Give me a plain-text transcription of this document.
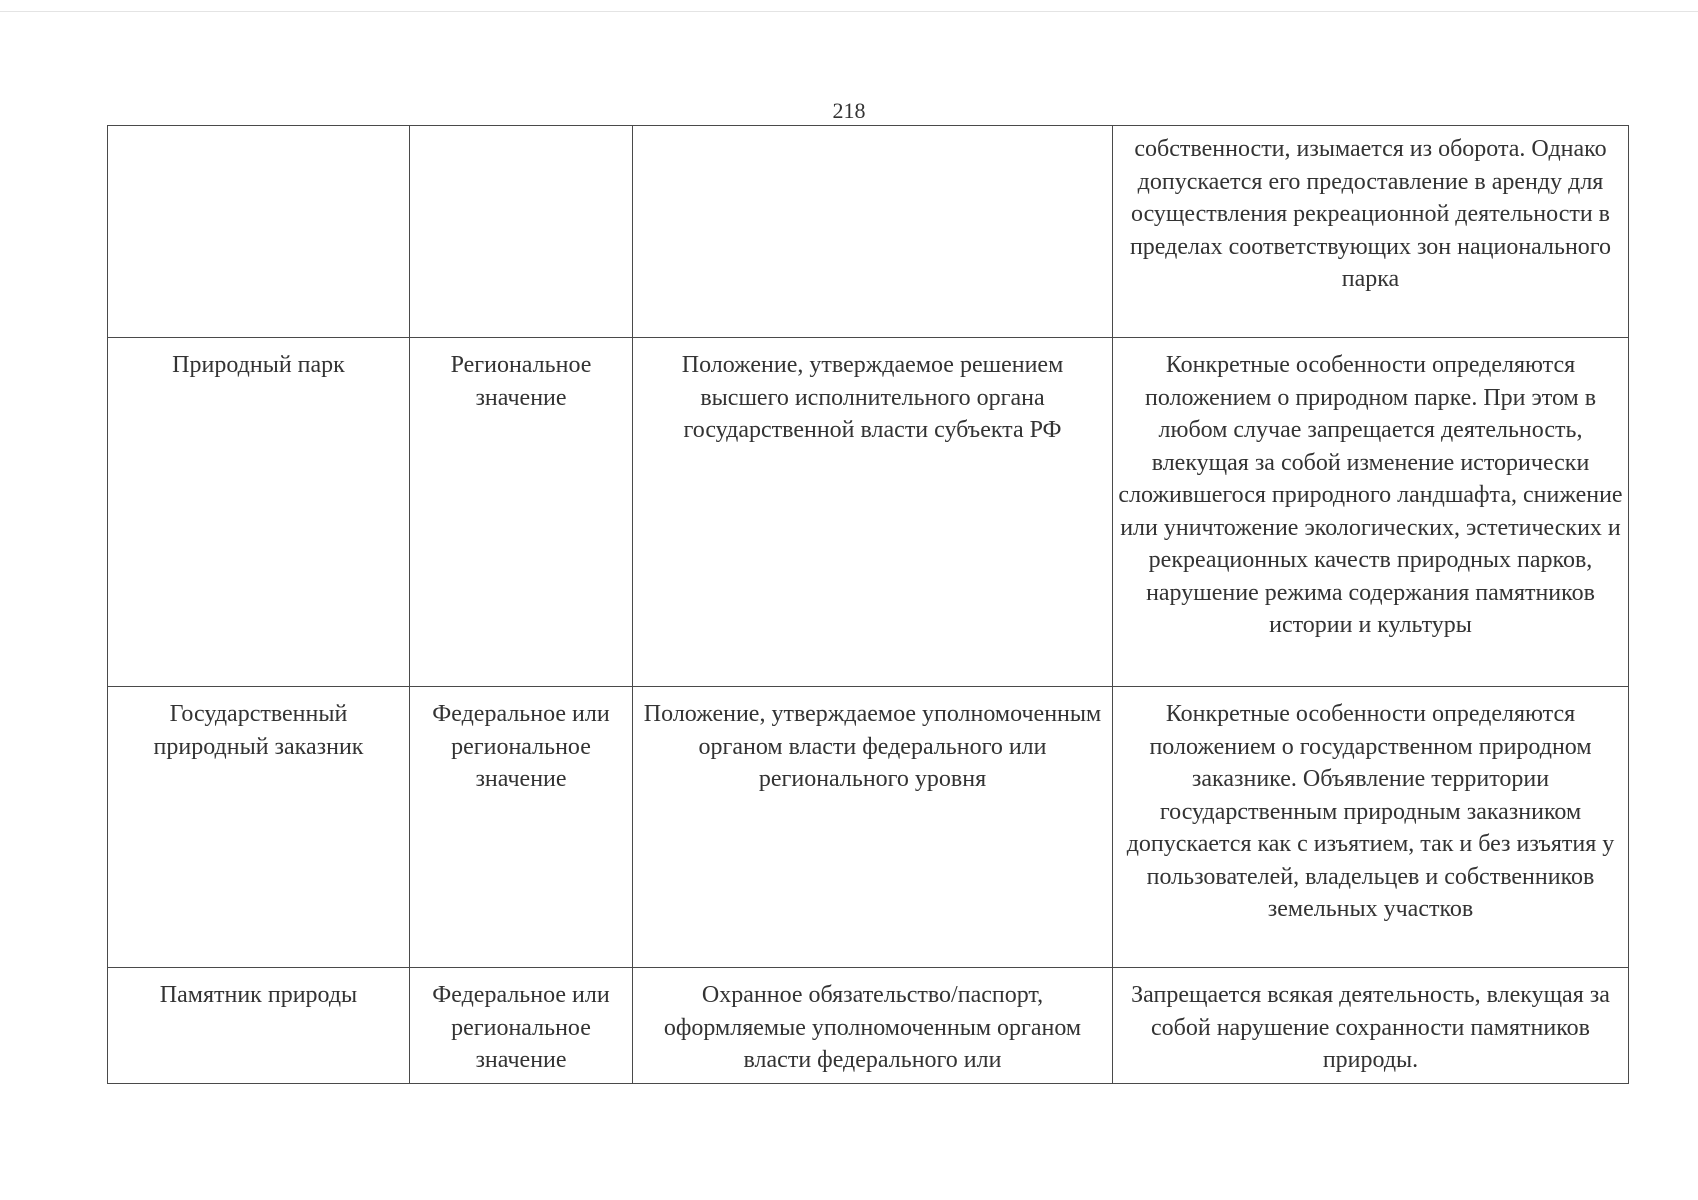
218
			собственности, изымается из оборота. Однако допускается его предоставление в аренду для осуществления рекреационной деятельности в пределах соответствующих зон национального парка
Природный парк	Региональное значение	Положение, утверждаемое решением высшего исполнительного органа государственной власти субъекта РФ	Конкретные особенности определяются положением о природном парке. При этом в любом случае запрещается деятельность, влекущая за собой изменение исторически сложившегося природного ландшафта, снижение или уничтожение экологических, эстетических и рекреационных качеств природных парков, нарушение режима содержания памятников истории и культуры
Государственный природный заказник	Федеральное или региональное значение	Положение, утверждаемое уполномоченным органом власти федерального или регионального уровня	Конкретные особенности определяются положением о государственном природном заказнике. Объявление территории государственным природным заказником допускается как с изъятием, так и без изъятия у пользователей, владельцев и собственников земельных участков
Памятник природы	Федеральное или региональное значение	Охранное обязательство/паспорт, оформляемые уполномоченным органом власти федерального или	Запрещается всякая деятельность, влекущая за собой нарушение сохранности памятников природы.
